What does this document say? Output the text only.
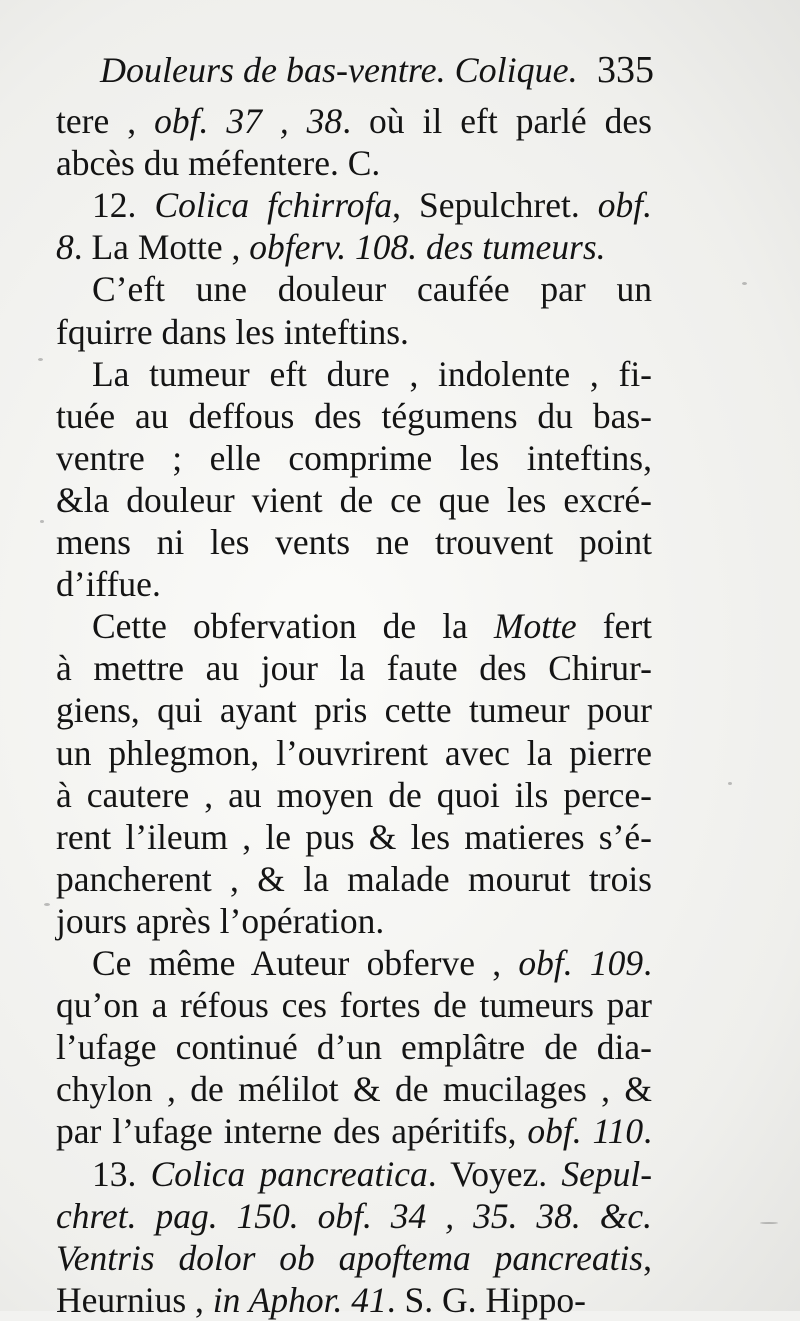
Douleurs de bas-ventre. Colique. 335
tere , obf. 37 , 38. où il eft parlé des
abcès du méfentere. C.
12. Colica fchirrofa, Sepulchret. obf.
8. La Motte , obferv. 108. des tumeurs.
C’eft une douleur caufée par un
fquirre dans les inteftins.
La tumeur eft dure , indolente , fi-
tuée au deffous des tégumens du bas-
ventre ; elle comprime les inteftins,
&la douleur vient de ce que les excré-
mens ni les vents ne trouvent point
d’iffue.
Cette obfervation de la Motte fert
à mettre au jour la faute des Chirur-
giens, qui ayant pris cette tumeur pour
un phlegmon, l’ouvrirent avec la pierre
à cautere , au moyen de quoi ils perce-
rent l’ileum , le pus & les matieres s’é-
pancherent , & la malade mourut trois
jours après l’opération.
Ce même Auteur obferve , obf. 109.
qu’on a réfous ces fortes de tumeurs par
l’ufage continué d’un emplâtre de dia-
chylon , de mélilot & de mucilages , &
par l’ufage interne des apéritifs, obf. 110.
13. Colica pancreatica. Voyez. Sepul-
chret. pag. 150. obf. 34 , 35. 38. &c.
Ventris dolor ob apoftema pancreatis,
Heurnius , in Aphor. 41. S. G. Hippo-
